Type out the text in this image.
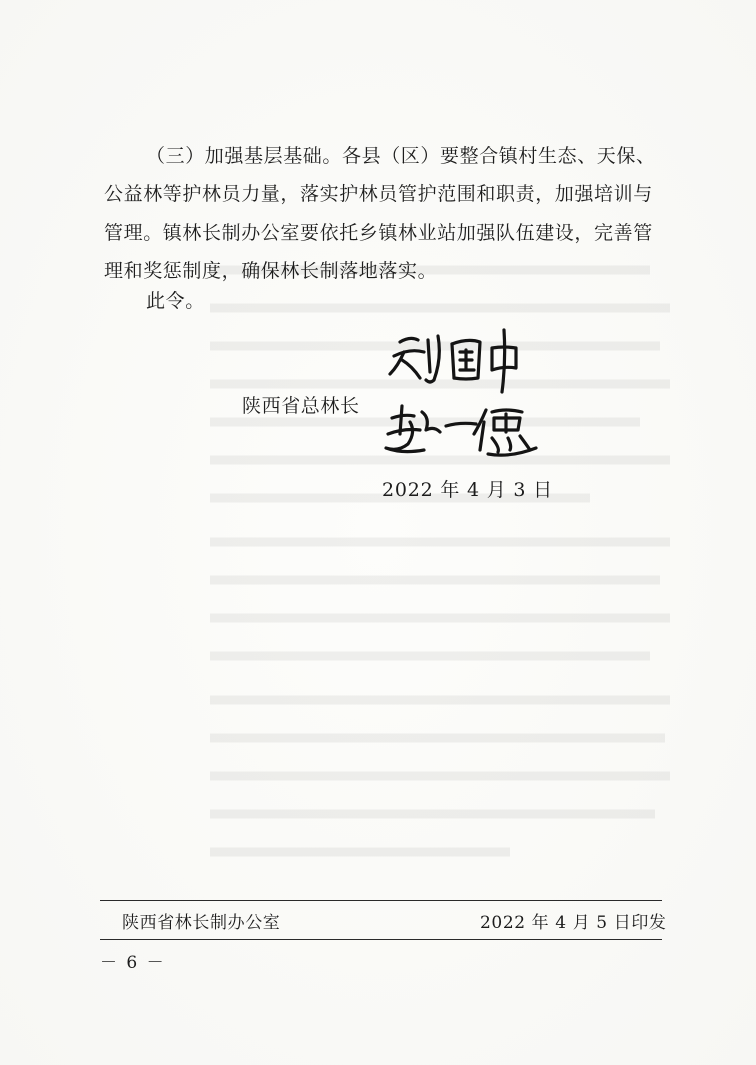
（三）加强基层基础。各县（区）要整合镇村生态、天保、
公益林等护林员力量，落实护林员管护范围和职责，加强培训与
管理。镇林长制办公室要依托乡镇林业站加强队伍建设，完善管
理和奖惩制度，确保林长制落地落实。
此令。
陕西省总林长
2022 年 4 月 3 日
陕西省林长制办公室	2022 年 4 月 5 日印发
－ 6 －
